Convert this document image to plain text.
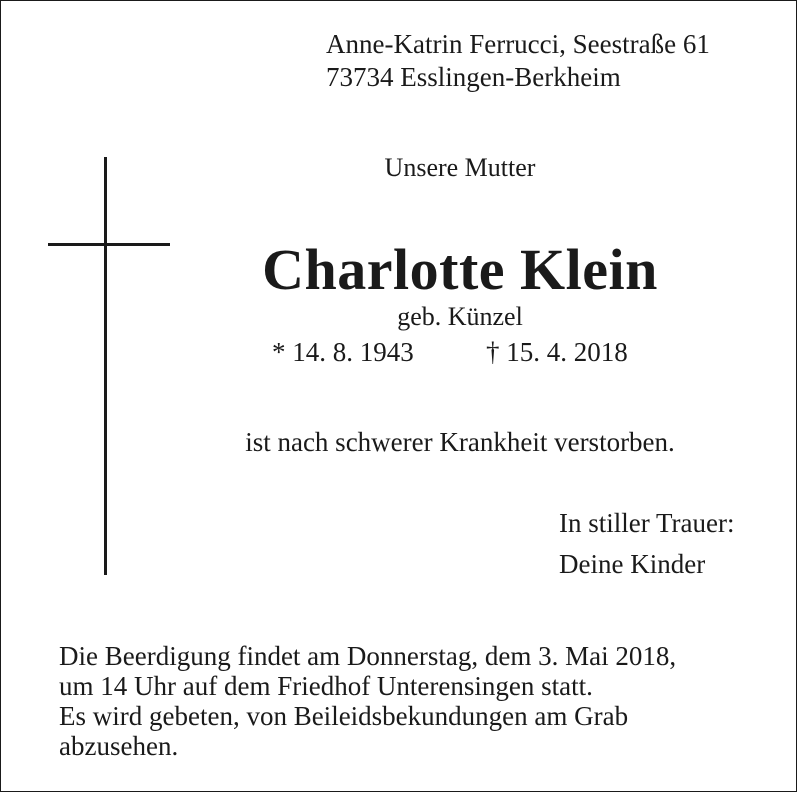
Anne-Katrin Ferrucci, Seestraße 61
73734 Esslingen-Berkheim
Unsere Mutter
Charlotte Klein
geb. Künzel
* 14. 8. 1943	† 15. 4. 2018
ist nach schwerer Krankheit verstorben.
In stiller Trauer:
Deine Kinder
Die Beerdigung findet am Donnerstag, dem 3. Mai 2018,
um 14 Uhr auf dem Friedhof Unterensingen statt.
Es wird gebeten, von Beileidsbekundungen am Grab
abzusehen.
